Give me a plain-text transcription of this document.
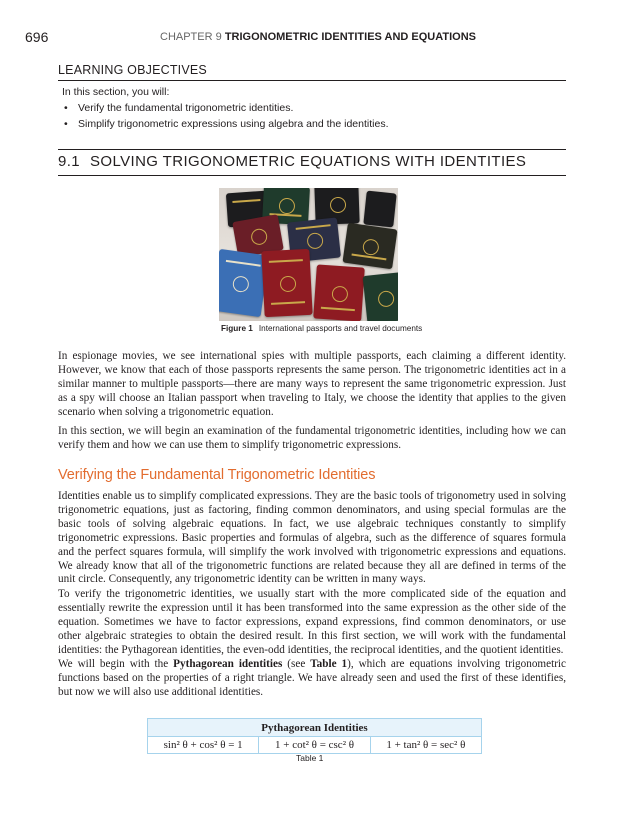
696	CHAPTER 9 TRIGONOMETRIC IDENTITIES AND EQUATIONS
LEARNING OBJECTIVES
In this section, you will:
• Verify the fundamental trigonometric identities.
• Simplify trigonometric expressions using algebra and the identities.
9.1 SOLVING TRIGONOMETRIC EQUATIONS WITH IDENTITIES
Figure 1 International passports and travel documents

In espionage movies, we see international spies with multiple passports, each claiming a different identity. However, we know that each of those passports represents the same person. The trigonometric identities act in a similar manner to multiple passports—there are many ways to represent the same trigonometric expression. Just as a spy will choose an Italian passport when traveling to Italy, we choose the identity that applies to the given scenario when solving a trigonometric equation.

In this section, we will begin an examination of the fundamental trigonometric identities, including how we can verify them and how we can use them to simplify trigonometric expressions.

Verifying the Fundamental Trigonometric Identities

Identities enable us to simplify complicated expressions. They are the basic tools of trigonometry used in solving trigonometric equations, just as factoring, finding common denominators, and using special formulas are the basic tools of solving algebraic equations. In fact, we use algebraic techniques constantly to simplify trigonometric expressions. Basic properties and formulas of algebra, such as the difference of squares formula and the perfect squares formula, will simplify the work involved with trigonometric expressions and equations. We already know that all of the trigonometric functions are related because they all are defined in terms of the unit circle. Consequently, any trigonometric identity can be written in many ways.

To verify the trigonometric identities, we usually start with the more complicated side of the equation and essentially rewrite the expression until it has been transformed into the same expression as the other side of the equation. Sometimes we have to factor expressions, expand expressions, find common denominators, or use other algebraic strategies to obtain the desired result. In this first section, we will work with the fundamental identities: the Pythagorean identities, the even-odd identities, the reciprocal identities, and the quotient identities.

We will begin with the Pythagorean identities (see Table 1), which are equations involving trigonometric functions based on the properties of a right triangle. We have already seen and used the first of these identifies, but now we will also use additional identities.

Pythagorean Identities
sin² θ + cos² θ = 1	1 + cot² θ = csc² θ	1 + tan² θ = sec² θ
Table 1
